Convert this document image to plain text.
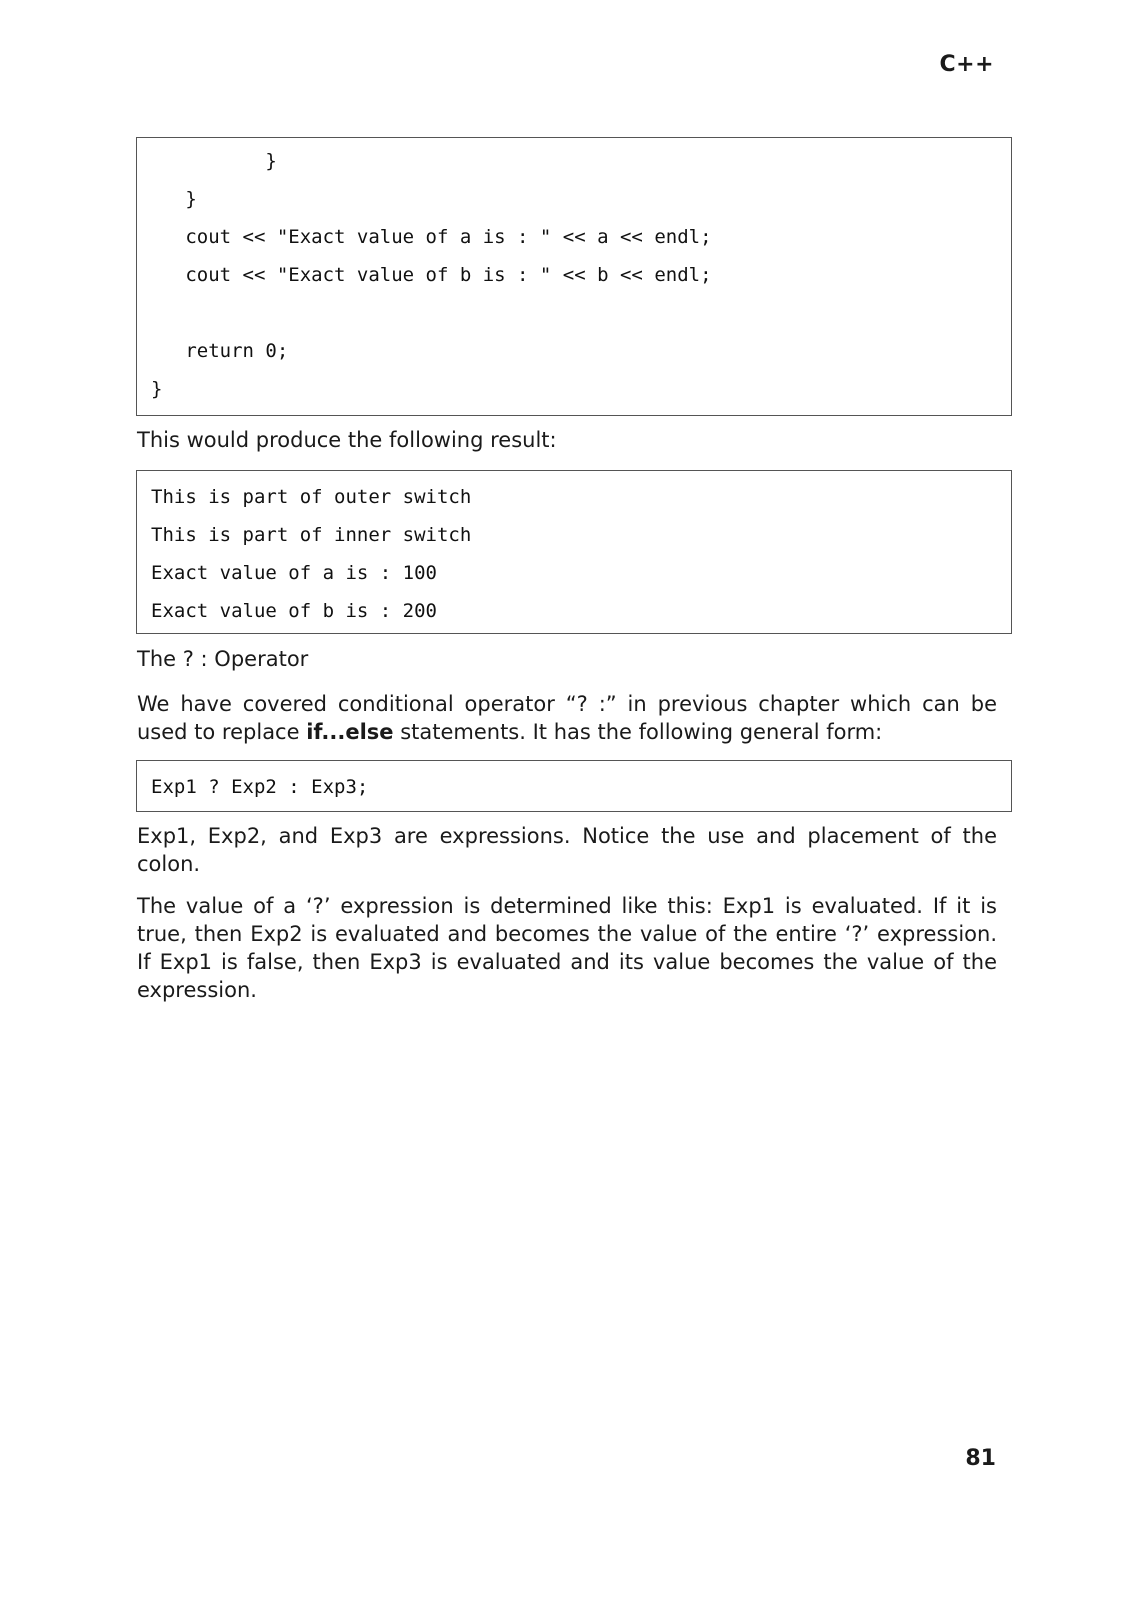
C++
}
}
cout << "Exact value of a is : " << a << endl;
cout << "Exact value of b is : " << b << endl;
return 0;
}
This would produce the following result:
This is part of outer switch
This is part of inner switch
Exact value of a is : 100
Exact value of b is : 200
The ? : Operator
We have covered conditional operator “? :” in previous chapter which can be used to replace if...else statements. It has the following general form:
Exp1 ? Exp2 : Exp3;
Exp1, Exp2, and Exp3 are expressions. Notice the use and placement of the colon.
The value of a ‘?’ expression is determined like this: Exp1 is evaluated. If it is true, then Exp2 is evaluated and becomes the value of the entire ‘?’ expression. If Exp1 is false, then Exp3 is evaluated and its value becomes the value of the expression.
81
